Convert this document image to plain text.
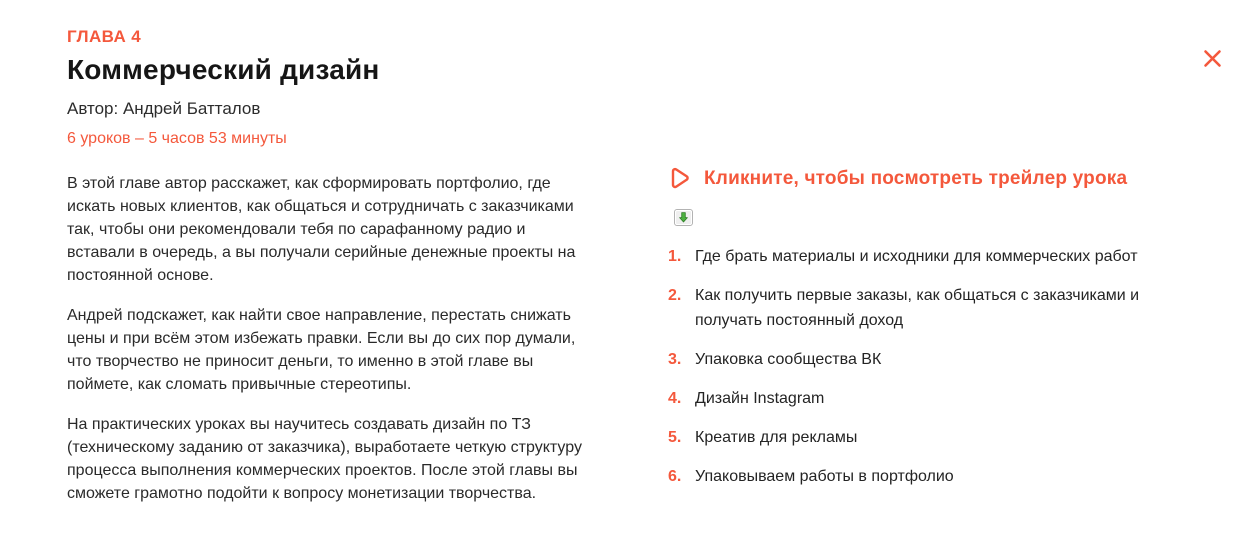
ГЛАВА 4
Коммерческий дизайн
Автор: Андрей Батталов
6 уроков – 5 часов 53 минуты

В этой главе автор расскажет, как сформировать портфолио, где искать новых клиентов, как общаться и сотрудничать с заказчиками так, чтобы они рекомендовали тебя по сарафанному радио и вставали в очередь, а вы получали серийные денежные проекты на постоянной основе.

Андрей подскажет, как найти свое направление, перестать снижать цены и при всём этом избежать правки. Если вы до сих пор думали, что творчество не приносит деньги, то именно в этой главе вы поймете, как сломать привычные стереотипы.

На практических уроках вы научитесь создавать дизайн по ТЗ (техническому заданию от заказчика), выработаете четкую структуру процесса выполнения коммерческих проектов. После этой главы вы сможете грамотно подойти к вопросу монетизации творчества.

Кликните, чтобы посмотреть трейлер урока
1. Где брать материалы и исходники для коммерческих работ
2. Как получить первые заказы, как общаться с заказчиками и получать постоянный доход
3. Упаковка сообщества ВК
4. Дизайн Instagram
5. Креатив для рекламы
6. Упаковываем работы в портфолио
